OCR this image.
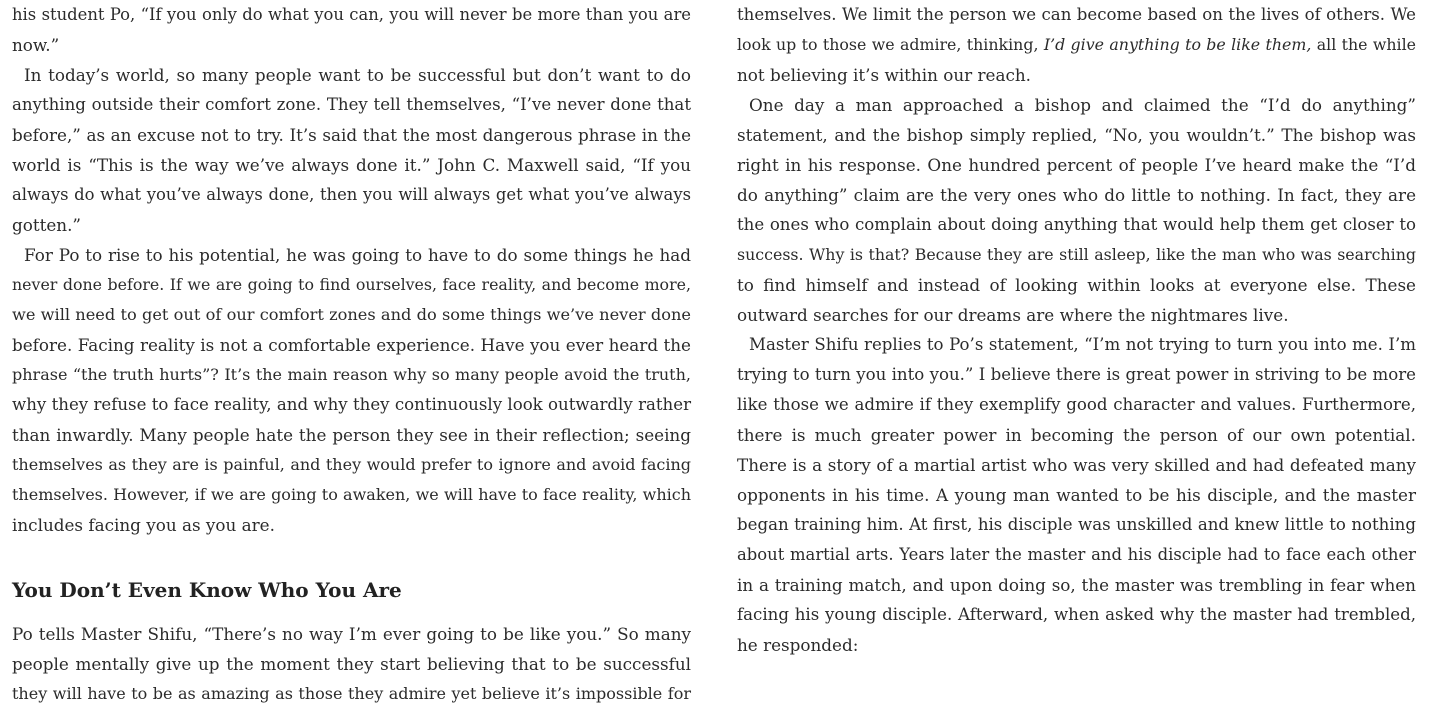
his student Po, “If you only do what you can, you will never be more than you are
now.”
In today’s world, so many people want to be successful but don’t want to do
anything outside their comfort zone. They tell themselves, “I’ve never done that
before,” as an excuse not to try. It’s said that the most dangerous phrase in the
world is “This is the way we’ve always done it.” John C. Maxwell said, “If you
always do what you’ve always done, then you will always get what you’ve always
gotten.”
For Po to rise to his potential, he was going to have to do some things he had
never done before. If we are going to find ourselves, face reality, and become more,
we will need to get out of our comfort zones and do some things we’ve never done
before. Facing reality is not a comfortable experience. Have you ever heard the
phrase “the truth hurts”? It’s the main reason why so many people avoid the truth,
why they refuse to face reality, and why they continuously look outwardly rather
than inwardly. Many people hate the person they see in their reflection; seeing
themselves as they are is painful, and they would prefer to ignore and avoid facing
themselves. However, if we are going to awaken, we will have to face reality, which
includes facing you as you are.
You Don’t Even Know Who You Are
Po tells Master Shifu, “There’s no way I’m ever going to be like you.” So many
people mentally give up the moment they start believing that to be successful
they will have to be as amazing as those they admire yet believe it’s impossible for
themselves. We limit the person we can become based on the lives of others. We
look up to those we admire, thinking, I’d give anything to be like them, all the while
not believing it’s within our reach.
One day a man approached a bishop and claimed the “I’d do anything”
statement, and the bishop simply replied, “No, you wouldn’t.” The bishop was
right in his response. One hundred percent of people I’ve heard make the “I’d
do anything” claim are the very ones who do little to nothing. In fact, they are
the ones who complain about doing anything that would help them get closer to
success. Why is that? Because they are still asleep, like the man who was searching
to find himself and instead of looking within looks at everyone else. These
outward searches for our dreams are where the nightmares live.
Master Shifu replies to Po’s statement, “I’m not trying to turn you into me. I’m
trying to turn you into you.” I believe there is great power in striving to be more
like those we admire if they exemplify good character and values. Furthermore,
there is much greater power in becoming the person of our own potential.
There is a story of a martial artist who was very skilled and had defeated many
opponents in his time. A young man wanted to be his disciple, and the master
began training him. At first, his disciple was unskilled and knew little to nothing
about martial arts. Years later the master and his disciple had to face each other
in a training match, and upon doing so, the master was trembling in fear when
facing his young disciple. Afterward, when asked why the master had trembled,
he responded:
